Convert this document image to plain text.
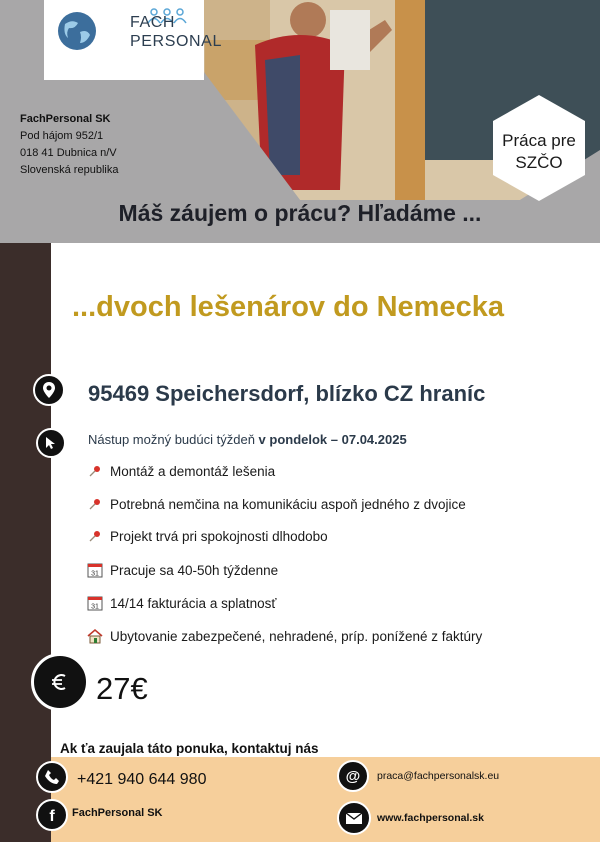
FACH
PERSONAL
FachPersonal SK
Pod hájom 952/1
018 41 Dubnica n/V
Slovenská republika
Práca pre
SZČO
Máš záujem o prácu? Hľadáme ...
...dvoch lešenárov do Nemecka
95469 Speichersdorf, blízko CZ hraníc
Nástup možný budúci týždeň v pondelok – 07.04.2025
Montáž a demontáž lešenia
Potrebná nemčina na komunikáciu aspoň jedného z dvojice
Projekt trvá pri spokojnosti dlhodobo
31 Pracuje sa 40-50h týždenne
31 14/14 fakturácia a splatnosť
Ubytovanie zabezpečené, nehradené, príp. ponížené z faktúry
27€
Ak ťa zaujala táto ponuka, kontaktuj nás
+421 940 644 980
f FachPersonal SK
@ praca@fachpersonalsk.eu
www.fachpersonal.sk
